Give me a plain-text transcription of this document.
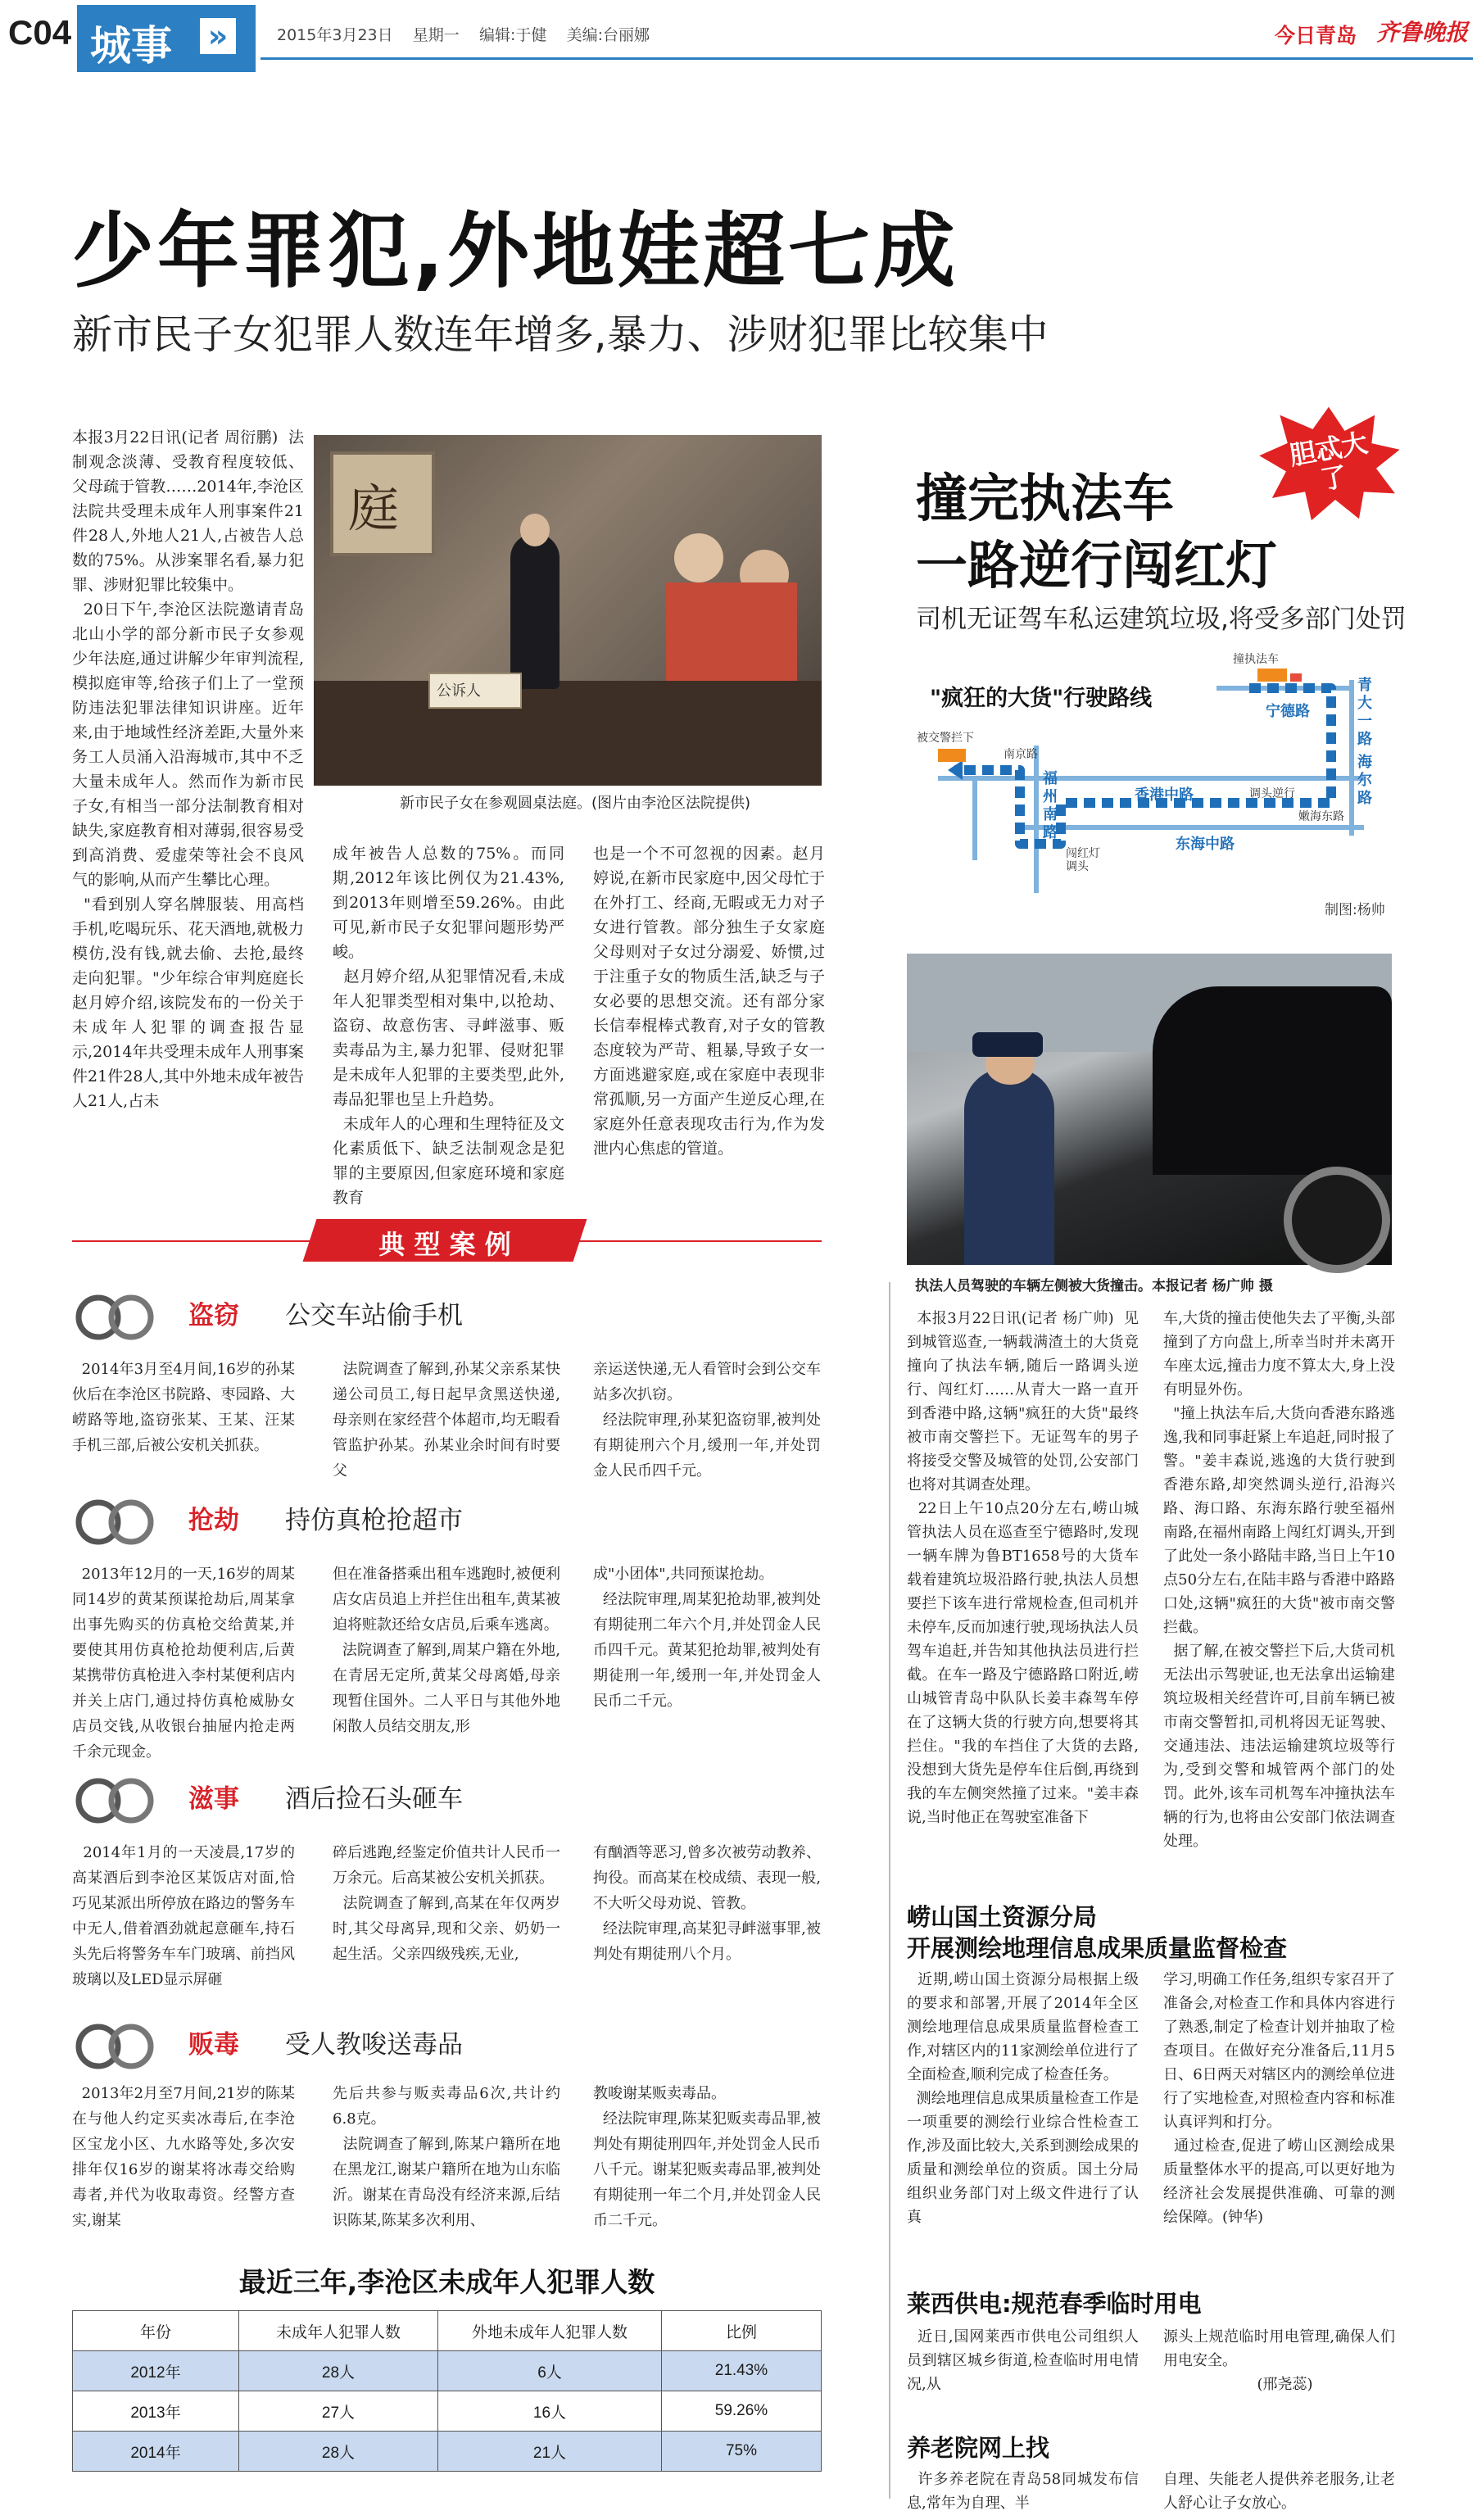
C04 城事 »	2015年3月23日 星期一 编辑:于健 美编:台丽娜	今日青岛 齐鲁晚报
少年罪犯,外地娃超七成
新市民子女犯罪人数连年增多,暴力、涉财犯罪比较集中
庭
公诉人
新市民子女在参观圆桌法庭。(图片由李沧区法院提供)
本报3月22日讯(记者 周衍鹏)  法制观念淡薄、受教育程度较低、父母疏于管教……2014年,李沧区法院共受理未成年人刑事案件21件28人,外地人21人,占被告人总数的75%。从涉案罪名看,暴力犯罪、涉财犯罪比较集中。
20日下午,李沧区法院邀请青岛北山小学的部分新市民子女参观少年法庭,通过讲解少年审判流程,模拟庭审等,给孩子们上了一堂预防违法犯罪法律知识讲座。近年来,由于地域性经济差距,大量外来务工人员涌入沿海城市,其中不乏大量未成年人。然而作为新市民子女,有相当一部分法制教育相对缺失,家庭教育相对薄弱,很容易受到高消费、爱虚荣等社会不良风气的影响,从而产生攀比心理。
"看到别人穿名牌服装、用高档手机,吃喝玩乐、花天酒地,就极力模仿,没有钱,就去偷、去抢,最终走向犯罪。"少年综合审判庭庭长赵月婷介绍,该院发布的一份关于未成年人犯罪的调查报告显示,2014年共受理未成年人刑事案件21件28人,其中外地未成年被告人21人,占未
成年被告人总数的75%。而同期,2012年该比例仅为21.43%,到2013年则增至59.26%。由此可见,新市民子女犯罪问题形势严峻。
赵月婷介绍,从犯罪情况看,未成年人犯罪类型相对集中,以抢劫、盗窃、故意伤害、寻衅滋事、贩卖毒品为主,暴力犯罪、侵财犯罪是未成年人犯罪的主要类型,此外,毒品犯罪也呈上升趋势。
未成年人的心理和生理特征及文化素质低下、缺乏法制观念是犯罪的主要原因,但家庭环境和家庭教育
也是一个不可忽视的因素。赵月婷说,在新市民家庭中,因父母忙于在外打工、经商,无暇或无力对子女进行管教。部分独生子女家庭父母则对子女过分溺爱、娇惯,过于注重子女的物质生活,缺乏与子女必要的思想交流。还有部分家长信奉棍棒式教育,对子女的管教态度较为严苛、粗暴,导致子女一方面逃避家庭,或在家庭中表现非常孤顺,另一方面产生逆反心理,在家庭外任意表现攻击行为,作为发泄内心焦虑的管道。
典 型 案 例
盗窃 公交车站偷手机
2014年3月至4月间,16岁的孙某伙后在李沧区书院路、枣园路、大崂路等地,盗窃张某、王某、汪某手机三部,后被公安机关抓获。
法院调查了解到,孙某父亲系某快递公司员工,每日起早贪黑送快递,母亲则在家经营个体超市,均无暇看管监护孙某。孙某业余时间有时要父
亲运送快递,无人看管时会到公交车站多次扒窃。
经法院审理,孙某犯盗窃罪,被判处有期徒刑六个月,缓刑一年,并处罚金人民币四千元。
抢劫 持仿真枪抢超市
2013年12月的一天,16岁的周某同14岁的黄某预谋抢劫后,周某拿出事先购买的仿真枪交给黄某,并要使其用仿真枪抢劫便利店,后黄某携带仿真枪进入李村某便利店内并关上店门,通过持仿真枪威胁女店员交钱,从收银台抽屉内抢走两千余元现金。
但在准备搭乘出租车逃跑时,被便利店女店员追上并拦住出租车,黄某被迫将赃款还给女店员,后乘车逃离。
法院调查了解到,周某户籍在外地,在青居无定所,黄某父母离婚,母亲现暂住国外。二人平日与其他外地闲散人员结交朋友,形
成"小团体",共同预谋抢劫。
经法院审理,周某犯抢劫罪,被判处有期徒刑二年六个月,并处罚金人民币四千元。黄某犯抢劫罪,被判处有期徒刑一年,缓刑一年,并处罚金人民币二千元。
滋事 酒后捡石头砸车
2014年1月的一天凌晨,17岁的高某酒后到李沧区某饭店对面,恰巧见某派出所停放在路边的警务车中无人,借着酒劲就起意砸车,持石头先后将警务车车门玻璃、前挡风玻璃以及LED显示屏砸
碎后逃跑,经鉴定价值共计人民币一万余元。后高某被公安机关抓获。
法院调查了解到,高某在年仅两岁时,其父母离异,现和父亲、奶奶一起生活。父亲四级残疾,无业,
有酗酒等恶习,曾多次被劳动教养、拘役。而高某在校成绩、表现一般,不大听父母劝说、管教。
经法院审理,高某犯寻衅滋事罪,被判处有期徒刑八个月。
贩毒 受人教唆送毒品
2013年2月至7月间,21岁的陈某在与他人约定买卖冰毒后,在李沧区宝龙小区、九水路等处,多次安排年仅16岁的谢某将冰毒交给购毒者,并代为收取毒资。经警方查实,谢某
先后共参与贩卖毒品6次,共计约6.8克。
法院调查了解到,陈某户籍所在地在黑龙江,谢某户籍所在地为山东临沂。谢某在青岛没有经济来源,后结识陈某,陈某多次利用、
教唆谢某贩卖毒品。
经法院审理,陈某犯贩卖毒品罪,被判处有期徒刑四年,并处罚金人民币八千元。谢某犯贩卖毒品罪,被判处有期徒刑一年二个月,并处罚金人民币二千元。
最近三年,李沧区未成年人犯罪人数
年份	未成年人犯罪人数	外地未成年人犯罪人数	比例
2012年	28人	6人	21.43%
2013年	27人	16人	59.26%
2014年	28人	21人	75%
胆忒大了
撞完执法车
一路逆行闯红灯
司机无证驾车私运建筑垃圾,将受多部门处罚
"疯狂的大货"行驶路线
香港中路
东海中路
福州南路
宁德路
南京路
青大一路
海尔路
嫩海东路
撞执法车
被交警拦下
闯红灯调头
调头逆行
制图:杨帅
执法人员驾驶的车辆左侧被大货撞击。本报记者 杨广帅 摄
本报3月22日讯(记者 杨广帅)  见到城管巡查,一辆载满渣土的大货竟撞向了执法车辆,随后一路调头逆行、闯红灯……从青大一路一直开到香港中路,这辆"疯狂的大货"最终被市南交警拦下。无证驾车的男子将接受交警及城管的处罚,公安部门也将对其调查处理。
22日上午10点20分左右,崂山城管执法人员在巡查至宁德路时,发现一辆车牌为鲁BT1658号的大货车载着建筑垃圾沿路行驶,执法人员想要拦下该车进行常规检查,但司机并未停车,反而加速行驶,现场执法人员驾车追赶,并告知其他执法员进行拦截。在车一路及宁德路路口附近,崂山城管青岛中队队长姜丰森驾车停在了这辆大货的行驶方向,想要将其拦住。"我的车挡住了大货的去路,没想到大货先是停车住后倒,再绕到我的车左侧突然撞了过来。"姜丰森说,当时他正在驾驶室准备下
车,大货的撞击使他失去了平衡,头部撞到了方向盘上,所幸当时并未离开车座太远,撞击力度不算太大,身上没有明显外伤。
"撞上执法车后,大货向香港东路逃逸,我和同事赶紧上车追赶,同时报了警。"姜丰森说,逃逸的大货行驶到香港东路,却突然调头逆行,沿海兴路、海口路、东海东路行驶至福州南路,在福州南路上闯红灯调头,开到了此处一条小路陆丰路,当日上午10点50分左右,在陆丰路与香港中路路口处,这辆"疯狂的大货"被市南交警拦截。
据了解,在被交警拦下后,大货司机无法出示驾驶证,也无法拿出运输建筑垃圾相关经营许可,目前车辆已被市南交警暂扣,司机将因无证驾驶、交通违法、违法运输建筑垃圾等行为,受到交警和城管两个部门的处罚。此外,该车司机驾车冲撞执法车辆的行为,也将由公安部门依法调查处理。
崂山国土资源分局
开展测绘地理信息成果质量监督检查
近期,崂山国土资源分局根据上级的要求和部署,开展了2014年全区测绘地理信息成果质量监督检查工作,对辖区内的11家测绘单位进行了全面检查,顺利完成了检查任务。
测绘地理信息成果质量检查工作是一项重要的测绘行业综合性检查工作,涉及面比较大,关系到测绘成果的质量和测绘单位的资质。国土分局组织业务部门对上级文件进行了认真
学习,明确工作任务,组织专家召开了准备会,对检查工作和具体内容进行了熟悉,制定了检查计划并抽取了检查项目。在做好充分准备后,11月5日、6日两天对辖区内的测绘单位进行了实地检查,对照检查内容和标准认真评判和打分。
通过检查,促进了崂山区测绘成果质量整体水平的提高,可以更好地为经济社会发展提供准确、可靠的测绘保障。(钟华)
莱西供电:规范春季临时用电
近日,国网莱西市供电公司组织人员到辖区城乡街道,检查临时用电情况,从
源头上规范临时用电管理,确保人们用电安全。
(邢尧蕊)
养老院网上找
许多养老院在青岛58同城发布信息,常年为自理、半
自理、失能老人提供养老服务,让老人舒心让子女放心。
